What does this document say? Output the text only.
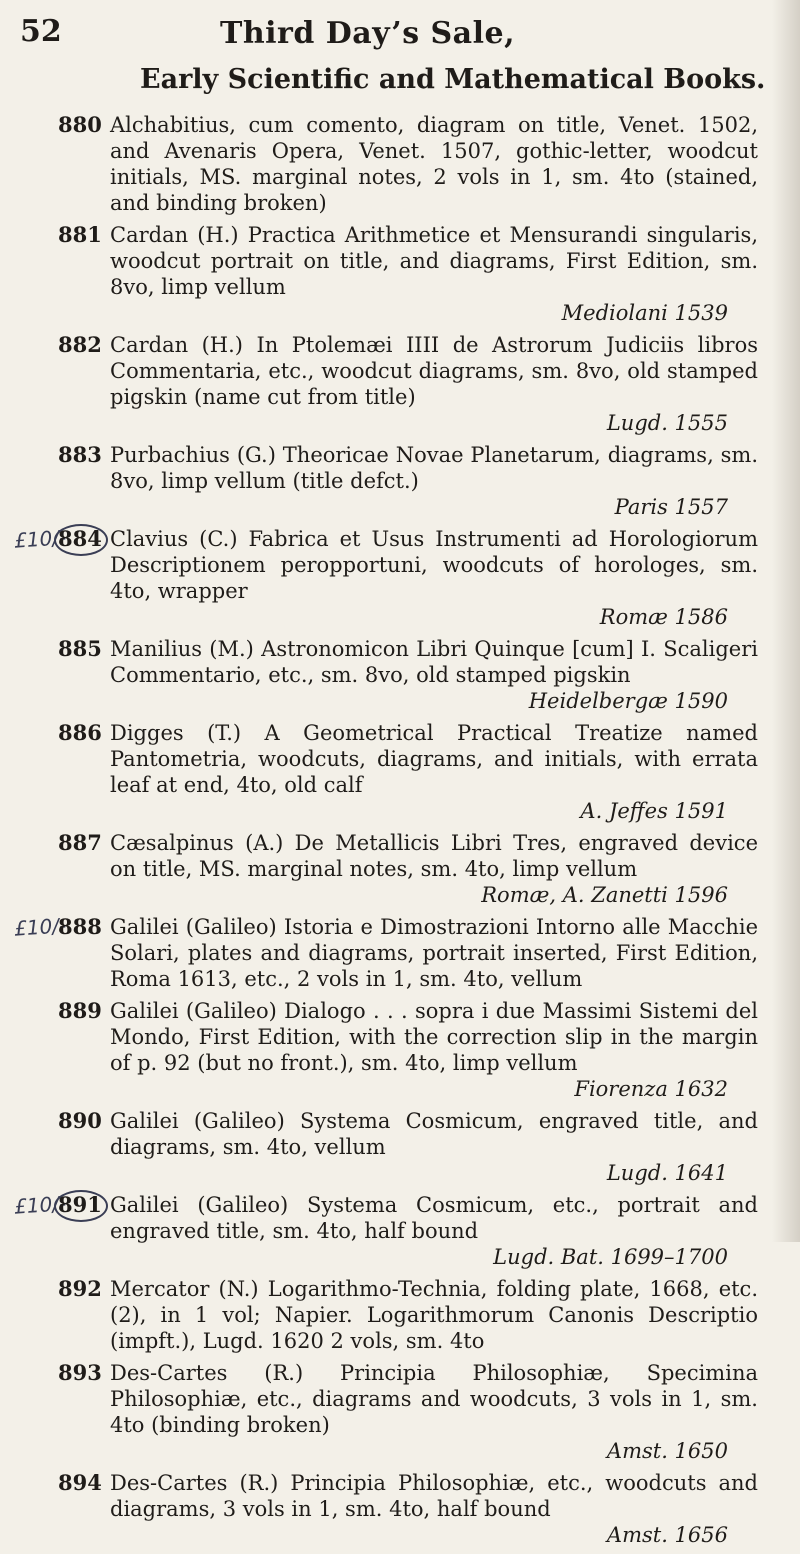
52	Third Day’s Sale,
Early Scientific and Mathematical Books.
880 Alchabitius, cum comento, diagram on title, Venet. 1502, and Avenaris Opera, Venet. 1507, gothic-letter, woodcut initials, MS. marginal notes, 2 vols in 1, sm. 4to (stained, and binding broken)
881 Cardan (H.) Practica Arithmetice et Mensurandi singularis, woodcut portrait on title, and diagrams, First Edition, sm. 8vo, limp vellum
Mediolani 1539
882 Cardan (H.) In Ptolemæi IIII de Astrorum Judiciis libros Commentaria, etc., woodcut diagrams, sm. 8vo, old stamped pigskin (name cut from title)
Lugd. 1555
883 Purbachius (G.) Theoricae Novae Planetarum, diagrams, sm. 8vo, limp vellum (title defct.)
Paris 1557
£10/-
884 Clavius (C.) Fabrica et Usus Instrumenti ad Horologiorum Descriptionem peropportuni, woodcuts of horologes, sm. 4to, wrapper
Romæ 1586
885 Manilius (M.) Astronomicon Libri Quinque [cum] I. Scaligeri Commentario, etc., sm. 8vo, old stamped pigskin
Heidelbergæ 1590
886 Digges (T.) A Geometrical Practical Treatize named Pantometria, woodcuts, diagrams, and initials, with errata leaf at end, 4to, old calf
A. Jeffes 1591
887 Cæsalpinus (A.) De Metallicis Libri Tres, engraved device on title, MS. marginal notes, sm. 4to, limp vellum
Romæ, A. Zanetti 1596
£10/-
888 Galilei (Galileo) Istoria e Dimostrazioni Intorno alle Macchie Solari, plates and diagrams, portrait inserted, First Edition, Roma 1613, etc., 2 vols in 1, sm. 4to, vellum
889 Galilei (Galileo) Dialogo . . . sopra i due Massimi Sistemi del Mondo, First Edition, with the correction slip in the margin of p. 92 (but no front.), sm. 4to, limp vellum
Fiorenza 1632
890 Galilei (Galileo) Systema Cosmicum, engraved title, and diagrams, sm. 4to, vellum
Lugd. 1641
£10/-
891 Galilei (Galileo) Systema Cosmicum, etc., portrait and engraved title, sm. 4to, half bound
Lugd. Bat. 1699–1700
892 Mercator (N.) Logarithmo-Technia, folding plate, 1668, etc. (2), in 1 vol; Napier. Logarithmorum Canonis Descriptio (impft.), Lugd. 1620 2 vols, sm. 4to
893 Des-Cartes (R.) Principia Philosophiæ, Specimina Philosophiæ, etc., diagrams and woodcuts, 3 vols in 1, sm. 4to (binding broken)
Amst. 1650
894 Des-Cartes (R.) Principia Philosophiæ, etc., woodcuts and diagrams, 3 vols in 1, sm. 4to, half bound
Amst. 1656
